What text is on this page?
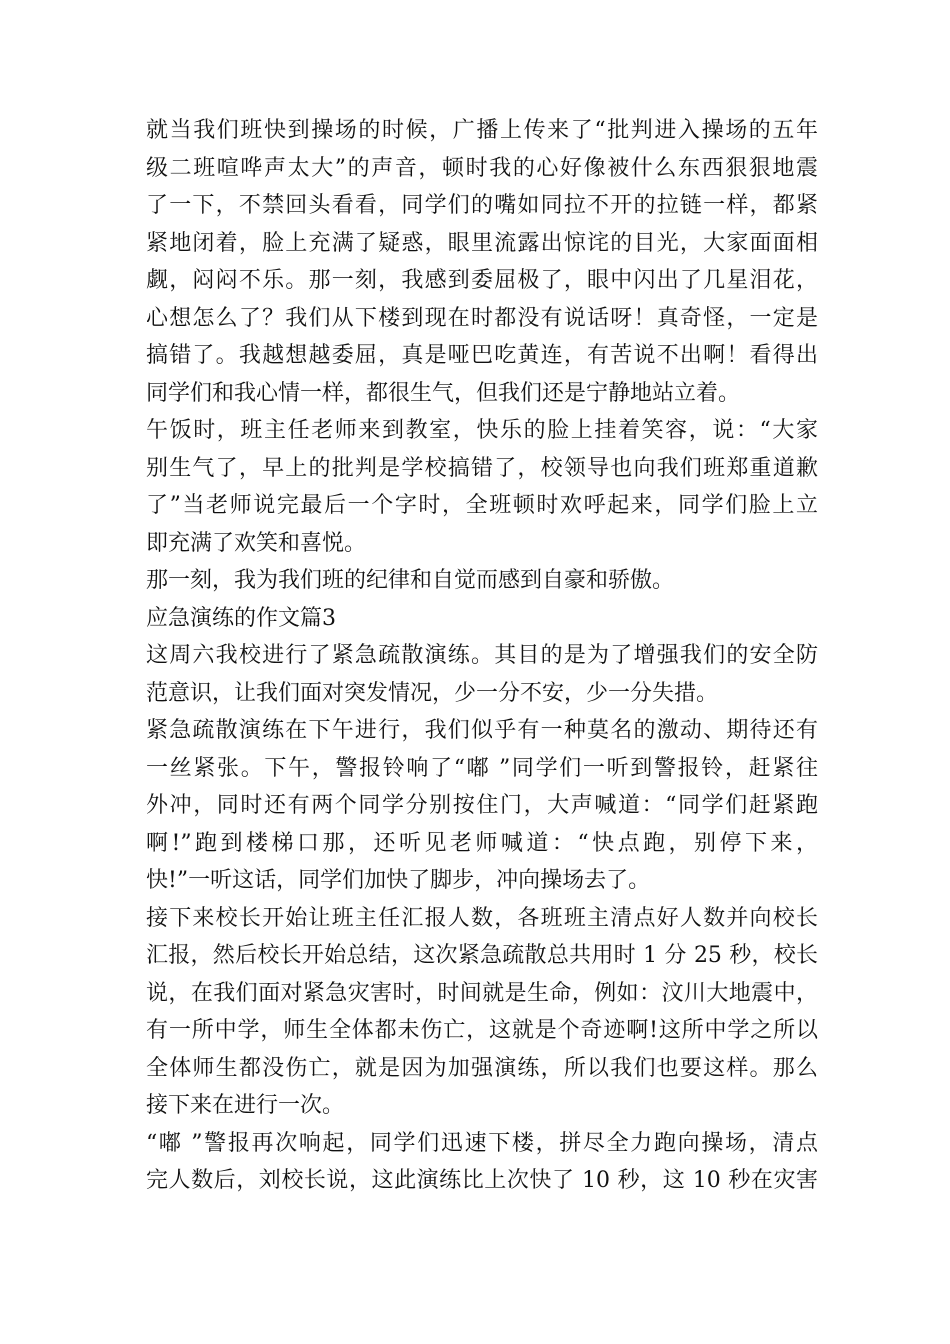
就当我们班快到操场的时候，广播上传来了“批判进入操场的五年
级二班喧哗声太大”的声音，顿时我的心好像被什么东西狠狠地震
了一下，不禁回头看看，同学们的嘴如同拉不开的拉链一样，都紧
紧地闭着，脸上充满了疑惑，眼里流露出惊诧的目光，大家面面相
觑，闷闷不乐。那一刻，我感到委屈极了，眼中闪出了几星泪花，
心想怎么了？我们从下楼到现在时都没有说话呀！真奇怪，一定是
搞错了。我越想越委屈，真是哑巴吃黄连，有苦说不出啊！看得出
同学们和我心情一样，都很生气，但我们还是宁静地站立着。
午饭时，班主任老师来到教室，快乐的脸上挂着笑容，说：“大家
别生气了，早上的批判是学校搞错了，校领导也向我们班郑重道歉
了”当老师说完最后一个字时，全班顿时欢呼起来，同学们脸上立
即充满了欢笑和喜悦。
那一刻，我为我们班的纪律和自觉而感到自豪和骄傲。
应急演练的作文篇3
这周六我校进行了紧急疏散演练。其目的是为了增强我们的安全防
范意识，让我们面对突发情况，少一分不安，少一分失措。
紧急疏散演练在下午进行，我们似乎有一种莫名的激动、期待还有
一丝紧张。下午，警报铃响了“嘟 ”同学们一听到警报铃，赶紧往
外冲，同时还有两个同学分别按住门，大声喊道：“同学们赶紧跑
啊!”跑到楼梯口那，还听见老师喊道：“快点跑，别停下来，
快!”一听这话，同学们加快了脚步，冲向操场去了。
接下来校长开始让班主任汇报人数，各班班主清点好人数并向校长
汇报，然后校长开始总结，这次紧急疏散总共用时 1 分 25 秒，校长
说，在我们面对紧急灾害时，时间就是生命，例如：汶川大地震中，
有一所中学，师生全体都未伤亡，这就是个奇迹啊!这所中学之所以
全体师生都没伤亡，就是因为加强演练，所以我们也要这样。那么
接下来在进行一次。
“嘟 ”警报再次响起，同学们迅速下楼，拼尽全力跑向操场，清点
完人数后，刘校长说，这此演练比上次快了 10 秒，这 10 秒在灾害
